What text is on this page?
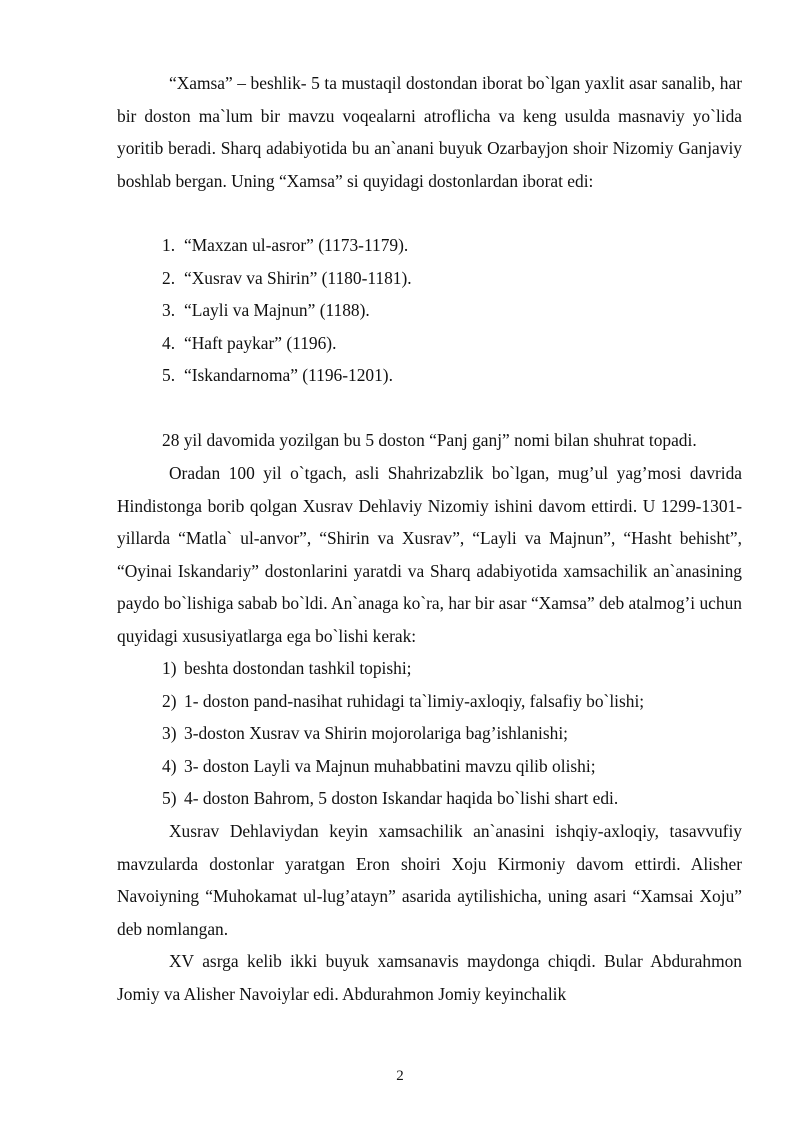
“Xamsa” – beshlik- 5 ta mustaqil dostondan iborat bo`lgan yaxlit asar sanalib, har bir doston ma`lum bir mavzu voqealarni atroflicha va keng usulda masnaviy yo`lida yoritib beradi. Sharq adabiyotida bu an`anani buyuk Ozarbayjon shoir Nizomiy Ganjaviy boshlab bergan. Uning “Xamsa” si quyidagi dostonlardan iborat edi:

1. “Maxzan ul-asror” (1173-1179).
2. “Xusrav va Shirin” (1180-1181).
3. “Layli va Majnun” (1188).
4. “Haft paykar” (1196).
5. “Iskandarnoma” (1196-1201).

28 yil davomida yozilgan bu 5 doston “Panj ganj” nomi bilan shuhrat topadi.

Oradan 100 yil o`tgach, asli Shahrizabzlik bo`lgan, mug’ul yag’mosi davrida Hindistonga borib qolgan Xusrav Dehlaviy Nizomiy ishini davom ettirdi. U 1299-1301-yillarda “Matla` ul-anvor”, “Shirin va Xusrav”, “Layli va Majnun”, “Hasht behisht”, “Oyinai Iskandariy” dostonlarini yaratdi va Sharq adabiyotida xamsachilik an`anasining paydo bo`lishiga sabab bo`ldi. An`anaga ko`ra, har bir asar “Xamsa” deb atalmog’i uchun quyidagi xususiyatlarga ega bo`lishi kerak:

1) beshta dostondan tashkil topishi;
2) 1- doston pand-nasihat ruhidagi ta`limiy-axloqiy, falsafiy bo`lishi;
3) 3-doston Xusrav va Shirin mojorolariga bag’ishlanishi;
4) 3- doston Layli va Majnun muhabbatini mavzu qilib olishi;
5) 4- doston Bahrom, 5 doston Iskandar haqida bo`lishi shart edi.

Xusrav Dehlaviydan keyin xamsachilik an`anasini ishqiy-axloqiy, tasavvufiy mavzularda dostonlar yaratgan Eron shoiri Xoju Kirmoniy davom ettirdi. Alisher Navoiyning “Muhokamat ul-lug’atayn” asarida aytilishicha, uning asari “Xamsai Xoju” deb nomlangan.

XV asrga kelib ikki buyuk xamsanavis maydonga chiqdi. Bular Abdurahmon Jomiy va Alisher Navoiylar edi. Abdurahmon Jomiy keyinchalik

2
